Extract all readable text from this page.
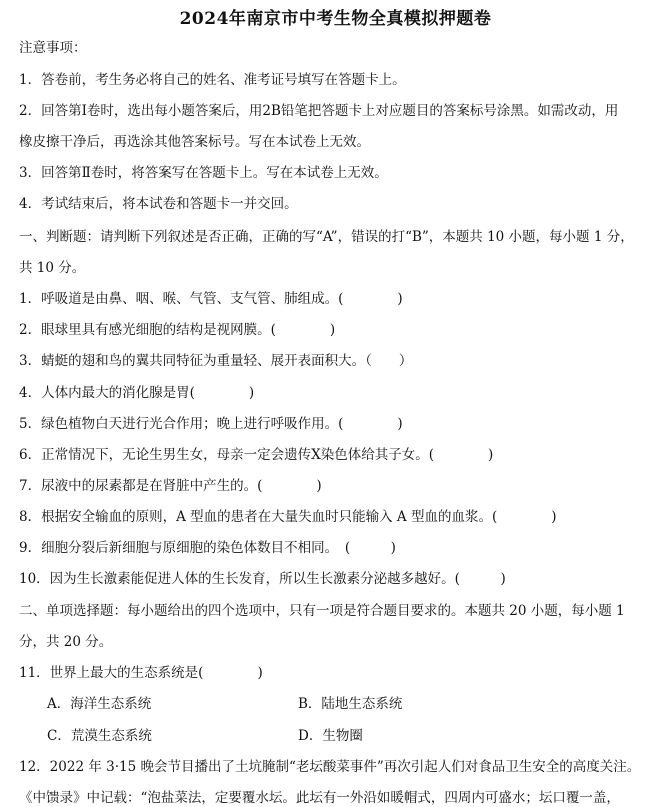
2024年南京市中考生物全真模拟押题卷
注意事项：
1．答卷前，考生务必将自己的姓名、准考证号填写在答题卡上。
2．回答第Ⅰ卷时，选出每小题答案后，用2B铅笔把答题卡上对应题目的答案标号涂黑。如需改动，用
橡皮擦干净后，再选涂其他答案标号。写在本试卷上无效。
3．回答第Ⅱ卷时，将答案写在答题卡上。写在本试卷上无效。
4．考试结束后，将本试卷和答题卡一并交回。
一、判断题：请判断下列叙述是否正确，正确的写“A”，错误的打“B”，本题共 10 小题，每小题 1 分，
共 10 分。
1．呼吸道是由鼻、咽、喉、气管、支气管、肺组成。(　　　　)
2．眼球里具有感光细胞的结构是视网膜。(　　　　)
3．蜻蜓的翅和鸟的翼共同特征为重量轻、展开表面积大。（　　）
4．人体内最大的消化腺是胃(　　　　)
5．绿色植物白天进行光合作用；晚上进行呼吸作用。(　　　　)
6．正常情况下，无论生男生女，母亲一定会遗传X染色体给其子女。(　　　　)
7．尿液中的尿素都是在肾脏中产生的。(　　　　)
8．根据安全输血的原则，A 型血的患者在大量失血时只能输入 A 型血的血浆。(　　　　)
9．细胞分裂后新细胞与原细胞的染色体数目不相同。　(　　　)
10．因为生长激素能促进人体的生长发育，所以生长激素分泌越多越好。(　　　)
二、单项选择题：每小题给出的四个选项中，只有一项是符合题目要求的。本题共 20 小题，每小题 1
分，共 20 分。
11．世界上最大的生态系统是(　　　　)
A．海洋生态系统	B．陆地生态系统
C．荒漠生态系统	D．生物圈
12．2022 年 3·15 晚会节目播出了土坑腌制“老坛酸菜事件”再次引起人们对食品卫生安全的高度关注。
《中馈录》中记载：“泡盐菜法，定要覆水坛。此坛有一外沿如暖帽式，四周内可盛水；坛口覆一盖，
